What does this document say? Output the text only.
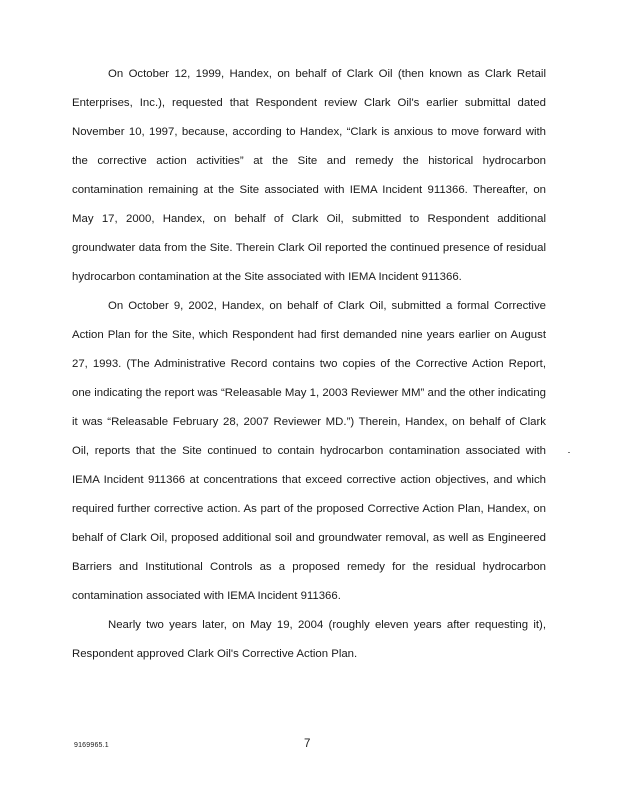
On October 12, 1999, Handex, on behalf of Clark Oil (then known as Clark Retail Enterprises, Inc.), requested that Respondent review Clark Oil's earlier submittal dated November 10, 1997, because, according to Handex, “Clark is anxious to move forward with the corrective action activities” at the Site and remedy the historical hydrocarbon contamination remaining at the Site associated with IEMA Incident 911366. Thereafter, on May 17, 2000, Handex, on behalf of Clark Oil, submitted to Respondent additional groundwater data from the Site. Therein Clark Oil reported the continued presence of residual hydrocarbon contamination at the Site associated with IEMA Incident 911366.

On October 9, 2002, Handex, on behalf of Clark Oil, submitted a formal Corrective Action Plan for the Site, which Respondent had first demanded nine years earlier on August 27, 1993. (The Administrative Record contains two copies of the Corrective Action Report, one indicating the report was “Releasable May 1, 2003 Reviewer MM” and the other indicating it was “Releasable February 28, 2007 Reviewer MD.”) Therein, Handex, on behalf of Clark Oil, reports that the Site continued to contain hydrocarbon contamination associated with IEMA Incident 911366 at concentrations that exceed corrective action objectives, and which required further corrective action. As part of the proposed Corrective Action Plan, Handex, on behalf of Clark Oil, proposed additional soil and groundwater removal, as well as Engineered Barriers and Institutional Controls as a proposed remedy for the residual hydrocarbon contamination associated with IEMA Incident 911366.

Nearly two years later, on May 19, 2004 (roughly eleven years after requesting it), Respondent approved Clark Oil's Corrective Action Plan.

9169965.1	7
